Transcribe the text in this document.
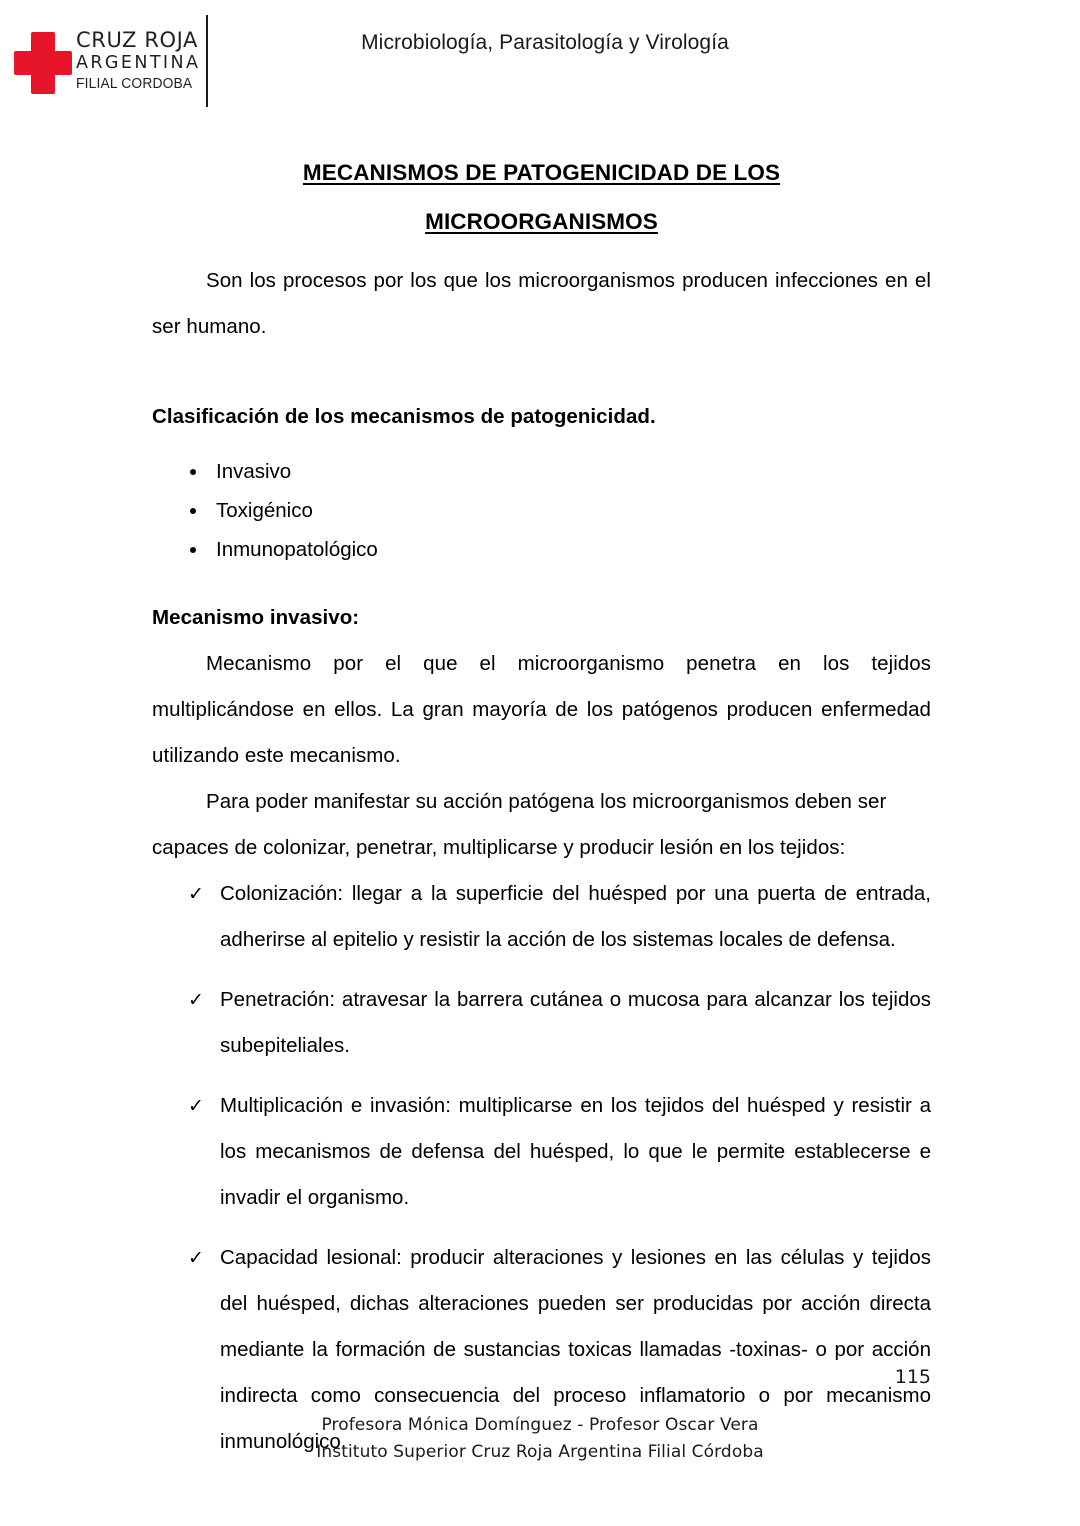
CRUZ ROJA
ARGENTINA
FILIAL CORDOBA
Microbiología, Parasitología y Virología
MECANISMOS DE PATOGENICIDAD DE LOS
MICROORGANISMOS

Son los procesos por los que los microorganismos producen infecciones en el ser humano.

Clasificación de los mecanismos de patogenicidad.
Invasivo
Toxigénico
Inmunopatológico
Mecanismo invasivo:

Mecanismo por el que el microorganismo penetra en los tejidos multiplicándose en ellos. La gran mayoría de los patógenos producen enfermedad utilizando este mecanismo.

Para poder manifestar su acción patógena los microorganismos deben ser capaces de colonizar, penetrar, multiplicarse y producir lesión en los tejidos:

✓ Colonización: llegar a la superficie del huésped por una puerta de entrada, adherirse al epitelio y resistir la acción de los sistemas locales de defensa.
✓ Penetración: atravesar la barrera cutánea o mucosa para alcanzar los tejidos subepiteliales.
✓ Multiplicación e invasión: multiplicarse en los tejidos del huésped y resistir a los mecanismos de defensa del huésped, lo que le permite establecerse e invadir el organismo.
✓ Capacidad lesional: producir alteraciones y lesiones en las células y tejidos del huésped, dichas alteraciones pueden ser producidas por acción directa mediante la formación de sustancias toxicas llamadas -toxinas- o por acción indirecta como consecuencia del proceso inflamatorio o por mecanismo inmunológico.
115
Profesora Mónica Domínguez - Profesor Oscar Vera
Instituto Superior Cruz Roja Argentina Filial Córdoba
